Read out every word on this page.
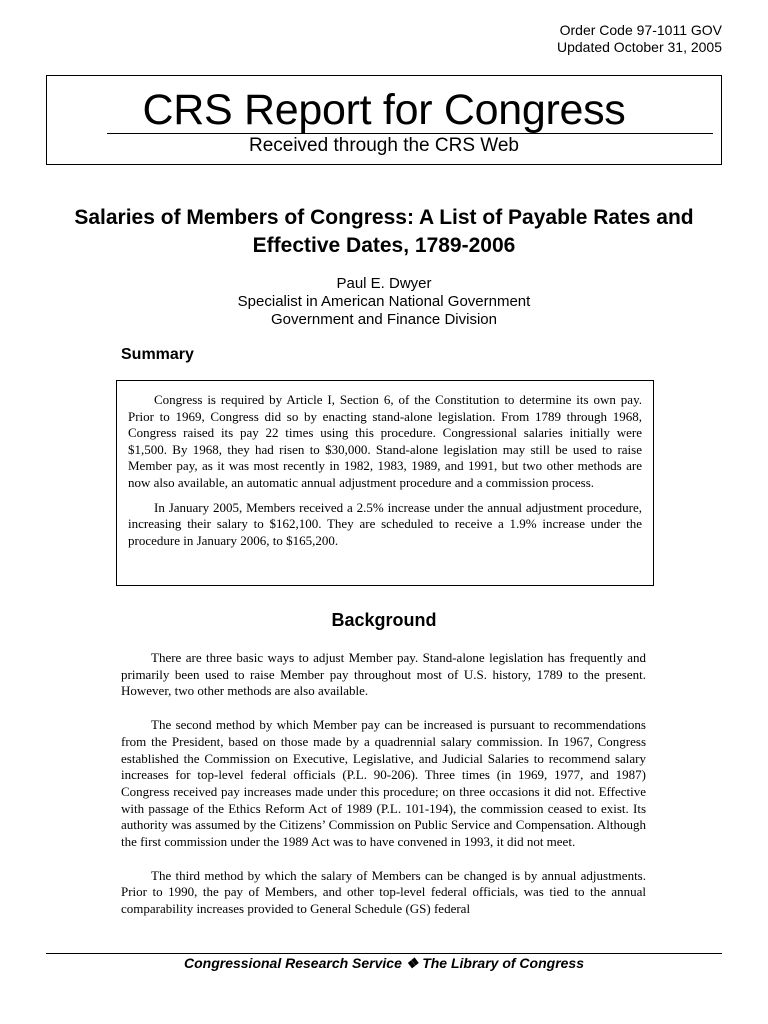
Order Code 97-1011 GOV
Updated October 31, 2005
CRS Report for Congress
Received through the CRS Web
Salaries of Members of Congress: A List of Payable Rates and Effective Dates, 1789-2006
Paul E. Dwyer
Specialist in American National Government
Government and Finance Division
Summary

Congress is required by Article I, Section 6, of the Constitution to determine its own pay. Prior to 1969, Congress did so by enacting stand-alone legislation. From 1789 through 1968, Congress raised its pay 22 times using this procedure. Congressional salaries initially were $1,500. By 1968, they had risen to $30,000. Stand-alone legislation may still be used to raise Member pay, as it was most recently in 1982, 1983, 1989, and 1991, but two other methods are now also available, an automatic annual adjustment procedure and a commission process.

In January 2005, Members received a 2.5% increase under the annual adjustment procedure, increasing their salary to $162,100. They are scheduled to receive a 1.9% increase under the procedure in January 2006, to $165,200.

Background

There are three basic ways to adjust Member pay. Stand-alone legislation has frequently and primarily been used to raise Member pay throughout most of U.S. history, 1789 to the present. However, two other methods are also available.

The second method by which Member pay can be increased is pursuant to recommendations from the President, based on those made by a quadrennial salary commission. In 1967, Congress established the Commission on Executive, Legislative, and Judicial Salaries to recommend salary increases for top-level federal officials (P.L. 90-206). Three times (in 1969, 1977, and 1987) Congress received pay increases made under this procedure; on three occasions it did not. Effective with passage of the Ethics Reform Act of 1989 (P.L. 101-194), the commission ceased to exist. Its authority was assumed by the Citizens’ Commission on Public Service and Compensation. Although the first commission under the 1989 Act was to have convened in 1993, it did not meet.

The third method by which the salary of Members can be changed is by annual adjustments. Prior to 1990, the pay of Members, and other top-level federal officials, was tied to the annual comparability increases provided to General Schedule (GS) federal

Congressional Research Service ❖ The Library of Congress
